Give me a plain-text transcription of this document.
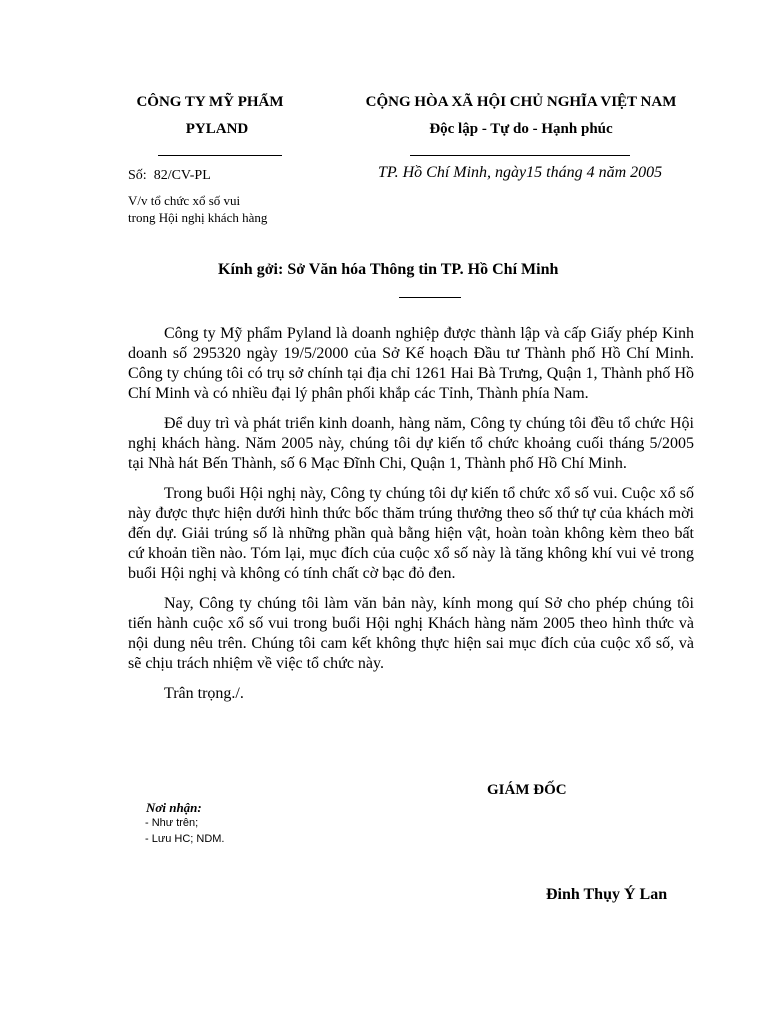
CÔNG TY MỸ PHẨM
PYLAND
CỘNG HÒA XÃ HỘI CHỦ NGHĨA VIỆT NAM
Độc lập - Tự do - Hạnh phúc
Số: 82/CV-PL
V/v tổ chức xổ số vui
trong Hội nghị khách hàng
TP. Hồ Chí Minh, ngày15 tháng 4 năm 2005
Kính gởi: Sở Văn hóa Thông tin TP. Hồ Chí Minh

Công ty Mỹ phẩm Pyland là doanh nghiệp được thành lập và cấp Giấy phép Kinh doanh số 295320 ngày 19/5/2000 của Sở Kế hoạch Đầu tư Thành phố Hồ Chí Minh. Công ty chúng tôi có trụ sở chính tại địa chỉ 1261 Hai Bà Trưng, Quận 1, Thành phố Hồ Chí Minh và có nhiều đại lý phân phối khắp các Tỉnh, Thành phía Nam.

Để duy trì và phát triển kinh doanh, hàng năm, Công ty chúng tôi đều tổ chức Hội nghị khách hàng. Năm 2005 này, chúng tôi dự kiến tổ chức khoảng cuối tháng 5/2005 tại Nhà hát Bến Thành, số 6 Mạc Đĩnh Chi, Quận 1, Thành phố Hồ Chí Minh.

Trong buổi Hội nghị này, Công ty chúng tôi dự kiến tổ chức xổ số vui. Cuộc xổ số này được thực hiện dưới hình thức bốc thăm trúng thưởng theo số thứ tự của khách mời đến dự. Giải trúng số là những phần quà bằng hiện vật, hoàn toàn không kèm theo bất cứ khoản tiền nào. Tóm lại, mục đích của cuộc xổ số này là tăng không khí vui vẻ trong buổi Hội nghị và không có tính chất cờ bạc đỏ đen.

Nay, Công ty chúng tôi làm văn bản này, kính mong quí Sở cho phép chúng tôi tiến hành cuộc xổ số vui trong buổi Hội nghị Khách hàng năm 2005 theo hình thức và nội dung nêu trên. Chúng tôi cam kết không thực hiện sai mục đích của cuộc xổ số, và sẽ chịu trách nhiệm về việc tổ chức này.

Trân trọng./.

GIÁM ĐỐC
Đinh Thụy Ý Lan
Nơi nhận:
- Như trên;
- Lưu HC; NDM.
